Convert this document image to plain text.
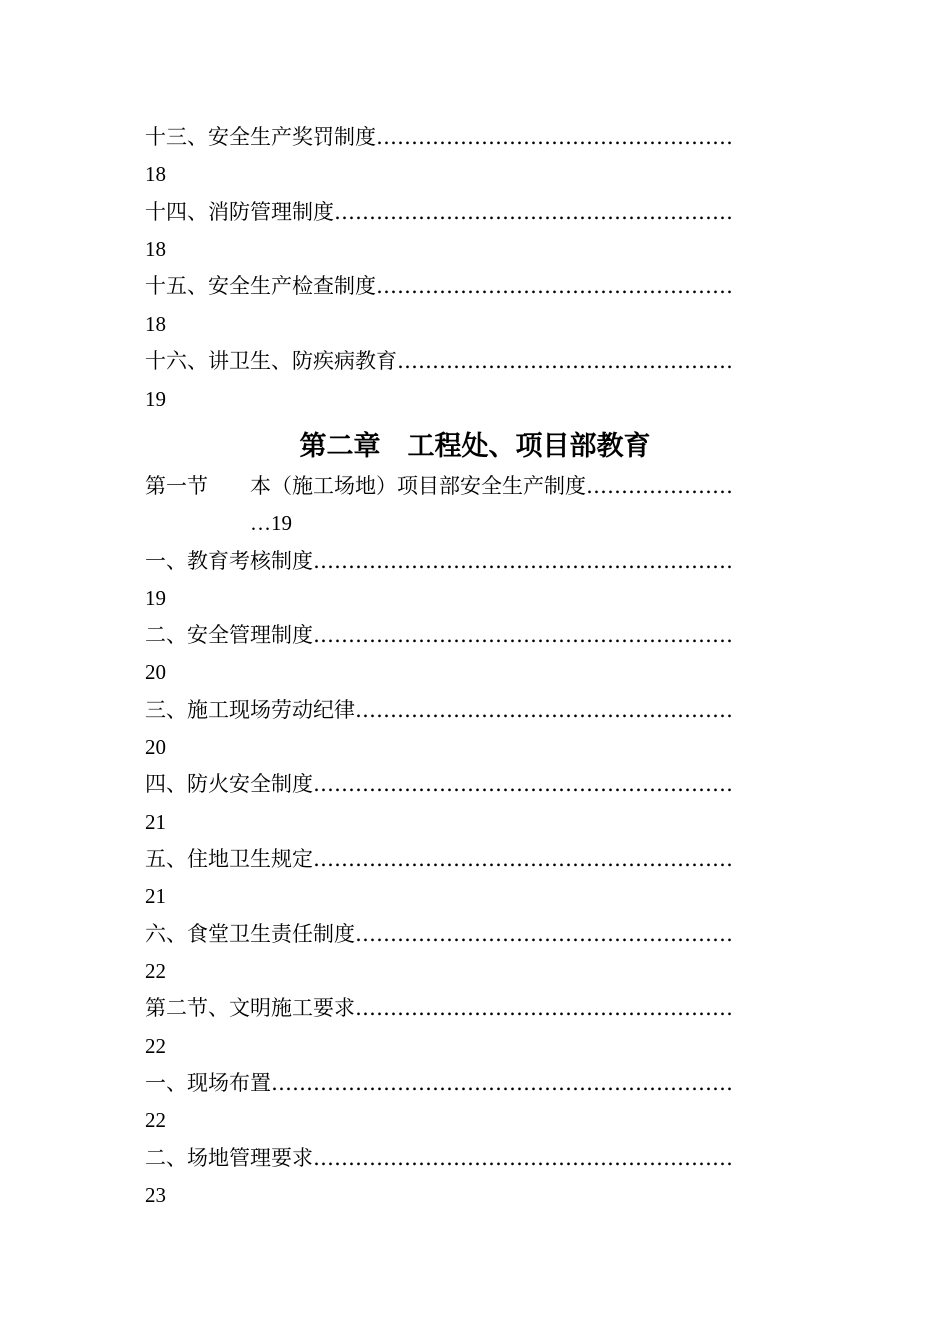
十三、安全生产奖罚制度……………………………………………
18
十四、消防管理制度…………………………………………………
18
十五、安全生产检查制度……………………………………………
18
十六、讲卫生、防疾病教育…………………………………………
19
第二章　工程处、项目部教育
第一节 本（施工场地）项目部安全生产制度…………………
…19
一、教育考核制度……………………………………………………
19
二、安全管理制度……………………………………………………
20
三、施工现场劳动纪律………………………………………………
20
四、防火安全制度……………………………………………………
21
五、住地卫生规定……………………………………………………
21
六、食堂卫生责任制度………………………………………………
22
第二节、文明施工要求………………………………………………
22
一、现场布置…………………………………………………………
22
二、场地管理要求……………………………………………………
23
